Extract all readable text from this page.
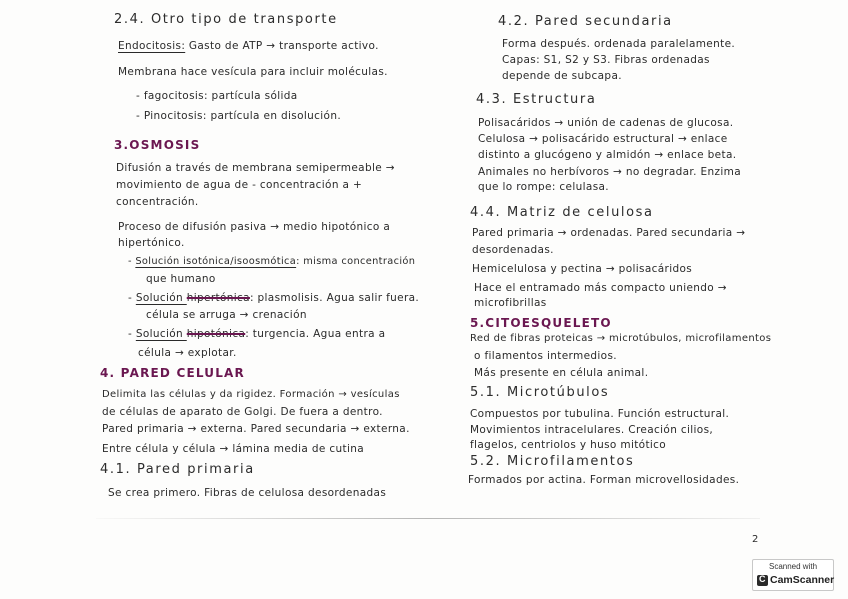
2.4. Otro tipo de transporte
Endocitosis: Gasto de ATP → transporte activo.
Membrana hace vesícula para incluir moléculas.
- fagocitosis: partícula sólida
- Pinocitosis: partícula en disolución.
3.OSMOSIS
Difusión a través de membrana semipermeable →
movimiento de agua de - concentración a +
concentración.
Proceso de difusión pasiva → medio hipotónico a
hipertónico.
- Solución isotónica/isoosmótica: misma concentración
que humano
- Solución hipertónica: plasmolisis. Agua salir fuera.
célula se arruga → crenación
- Solución hipotónica: turgencia. Agua entra a
célula → explotar.
4. PARED CELULAR
Delimita las células y da rigidez. Formación → vesículas
de células de aparato de Golgi. De fuera a dentro.
Pared primaria → externa. Pared secundaria → externa.
Entre célula y célula → lámina media de cutina
4.1. Pared primaria
Se crea primero. Fibras de celulosa desordenadas
4.2. Pared secundaria
Forma después. ordenada paralelamente.
Capas: S1, S2 y S3. Fibras ordenadas
depende de subcapa.
4.3. Estructura
Polisacáridos → unión de cadenas de glucosa.
Celulosa → polisacárido estructural → enlace
distinto a glucógeno y almidón → enlace beta.
Animales no herbívoros → no degradar. Enzima
que lo rompe: celulasa.
4.4. Matriz de celulosa
Pared primaria → ordenadas. Pared secundaria →
desordenadas.
Hemicelulosa y pectina → polisacáridos
Hace el entramado más compacto uniendo →
microfibrillas
5.CITOESQUELETO
Red de fibras proteicas → microtúbulos, microfilamentos
o filamentos intermedios.
Más presente en célula animal.
5.1. Microtúbulos
Compuestos por tubulina. Función estructural.
Movimientos intracelulares. Creación cilios,
flagelos, centriolos y huso mitótico
5.2. Microfilamentos
Formados por actina. Forman microvellosidades.
2
Scanned with
C
CamScanner
